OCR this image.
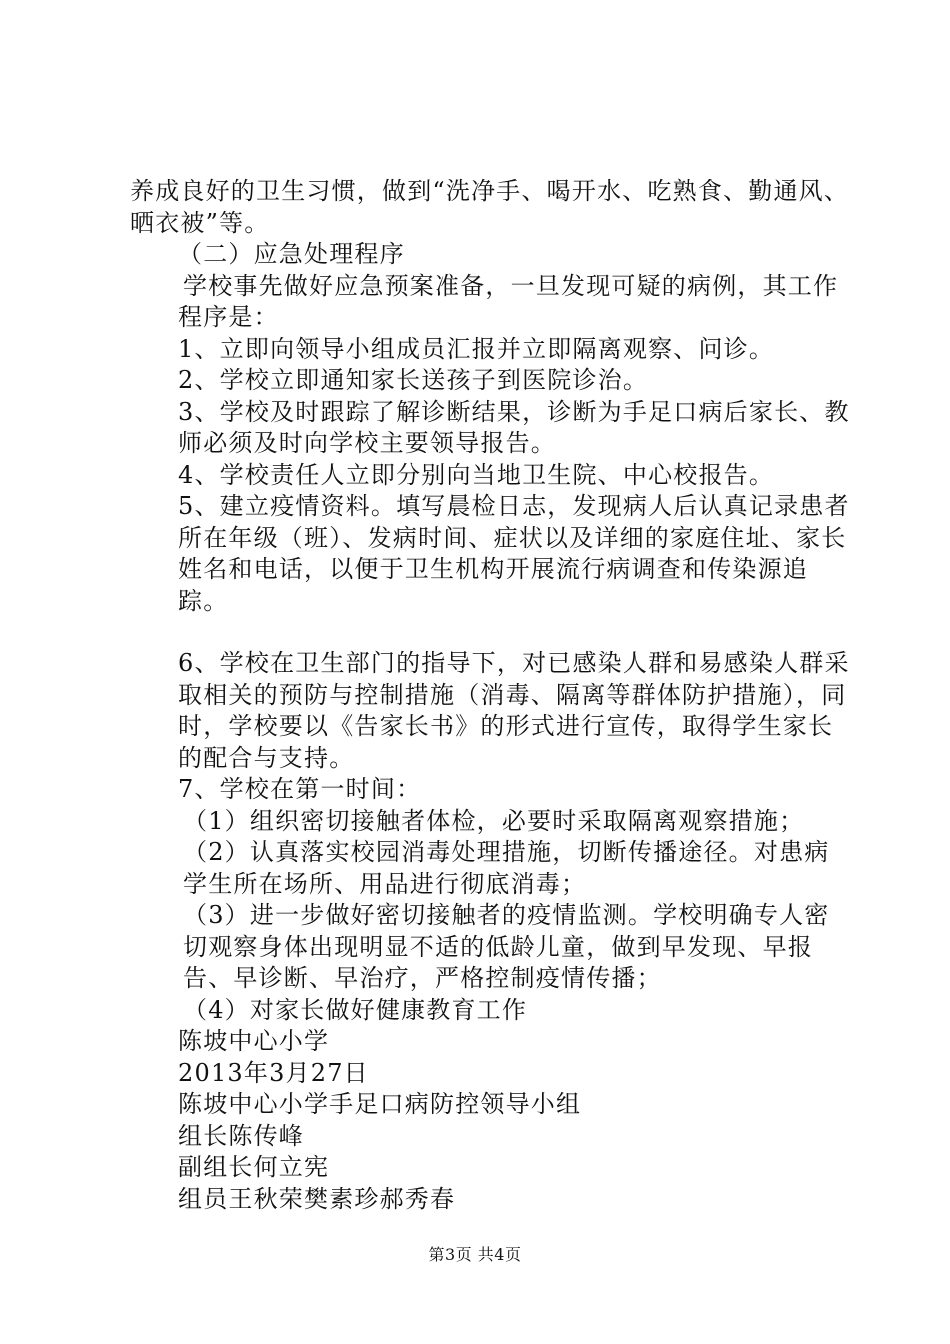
养成良好的卫生习惯，做到“洗净手、喝开水、吃熟食、勤通风、晒衣被”等。

（二）应急处理程序

学校事先做好应急预案准备，一旦发现可疑的病例，其工作

程序是：

1、立即向领导小组成员汇报并立即隔离观察、问诊。

2、学校立即通知家长送孩子到医院诊治。

3、学校及时跟踪了解诊断结果，诊断为手足口病后家长、教师必须及时向学校主要领导报告。

4、学校责任人立即分别向当地卫生院、中心校报告。

5、建立疫情资料。填写晨检日志，发现病人后认真记录患者所在年级（班）、发病时间、症状以及详细的家庭住址、家长姓名和电话，以便于卫生机构开展流行病调查和传染源追踪。

6、学校在卫生部门的指导下，对已感染人群和易感染人群采取相关的预防与控制措施（消毒、隔离等群体防护措施），同时，学校要以《告家长书》的形式进行宣传，取得学生家长的配合与支持。

7、学校在第一时间：

（1）组织密切接触者体检，必要时采取隔离观察措施；

（2）认真落实校园消毒处理措施，切断传播途径。对患病学生所在场所、用品进行彻底消毒；

（3）进一步做好密切接触者的疫情监测。学校明确专人密切观察身体出现明显不适的低龄儿童，做到早发现、早报告、早诊断、早治疗，严格控制疫情传播；

（4）对家长做好健康教育工作

陈坡中心小学

2013年3月27日

陈坡中心小学手足口病防控领导小组

组长陈传峰

副组长何立宪

组员王秋荣樊素珍郝秀春

第3页 共4页
